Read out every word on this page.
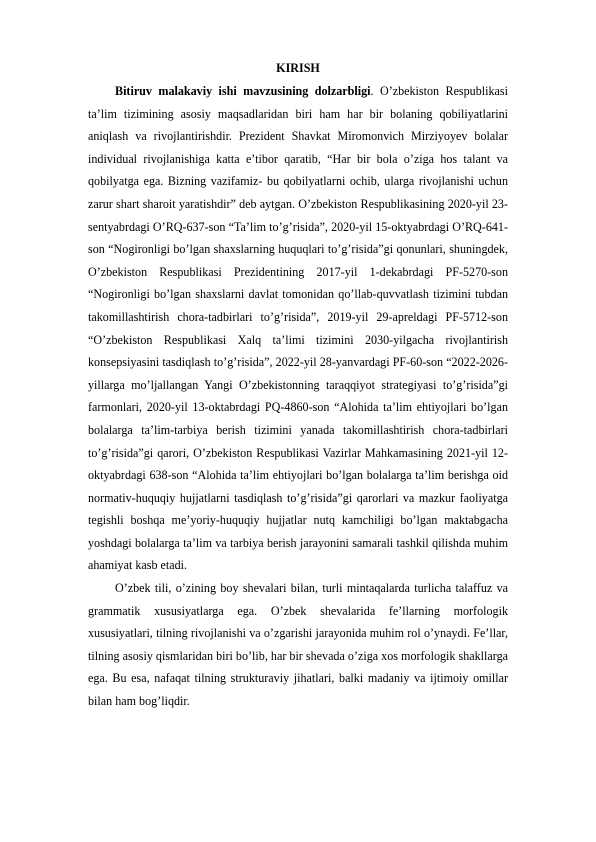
KIRISH

Bitiruv malakaviy ishi mavzusining dolzarbligi. O’zbekiston Respublikasi ta’lim tizimining asosiy maqsadlaridan biri ham har bir bolaning qobiliyatlarini aniqlash va rivojlantirishdir. Prezident Shavkat Miromonvich Mirziyoyev bolalar individual rivojlanishiga katta e’tibor qaratib, “Har bir bola o’ziga hos talant va qobilyatga ega. Bizning vazifamiz- bu qobilyatlarni ochib, ularga rivojlanishi uchun zarur shart sharoit yaratishdir” deb aytgan. O’zbekiston Respublikasining 2020-yil 23-sentyabrdagi O’RQ-637-son “Ta’lim to’g’risida”, 2020-yil 15-oktyabrdagi O’RQ-641-son “Nogironligi bo’lgan shaxslarning huquqlari to’g’risida”gi qonunlari, shuningdek, O’zbekiston Respublikasi Prezidentining 2017-yil 1-dekabrdagi PF-5270-son “Nogironligi bo’lgan shaxslarni davlat tomonidan qo’llab-quvvatlash tizimini tubdan takomillashtirish chora-tadbirlari to’g’risida”, 2019-yil 29-apreldagi PF-5712-son “O’zbekiston Respublikasi Xalq ta’limi tizimini 2030-yilgacha rivojlantirish konsepsiyasini tasdiqlash to’g’risida”, 2022-yil 28-yanvardagi PF-60-son “2022-2026-yillarga mo’ljallangan Yangi O’zbekistonning taraqqiyot strategiyasi to’g’risida”gi farmonlari, 2020-yil 13-oktabrdagi PQ-4860-son “Alohida ta’lim ehtiyojlari bo’lgan bolalarga ta’lim-tarbiya berish tizimini yanada takomillashtirish chora-tadbirlari to’g’risida”gi qarori, O’zbekiston Respublikasi Vazirlar Mahkamasining 2021-yil 12-oktyabrdagi 638-son “Alohida ta’lim ehtiyojlari bo’lgan bolalarga ta’lim berishga oid normativ-huquqiy hujjatlarni tasdiqlash to’g’risida”gi qarorlari va mazkur faoliyatga tegishli boshqa me’yoriy-huquqiy hujjatlar nutq kamchiligi bo’lgan maktabgacha yoshdagi bolalarga ta’lim va tarbiya berish jarayonini samarali tashkil qilishda muhim ahamiyat kasb etadi.

O’zbek tili, o’zining boy shevalari bilan, turli mintaqalarda turlicha talaffuz va grammatik xususiyatlarga ega. O’zbek shevalarida fe’llarning morfologik xususiyatlari, tilning rivojlanishi va o’zgarishi jarayonida muhim rol o’ynaydi. Fe’llar, tilning asosiy qismlaridan biri bo’lib, har bir shevada o’ziga xos morfologik shakllarga ega. Bu esa, nafaqat tilning strukturaviy jihatlari, balki madaniy va ijtimoiy omillar bilan ham bog’liqdir.
